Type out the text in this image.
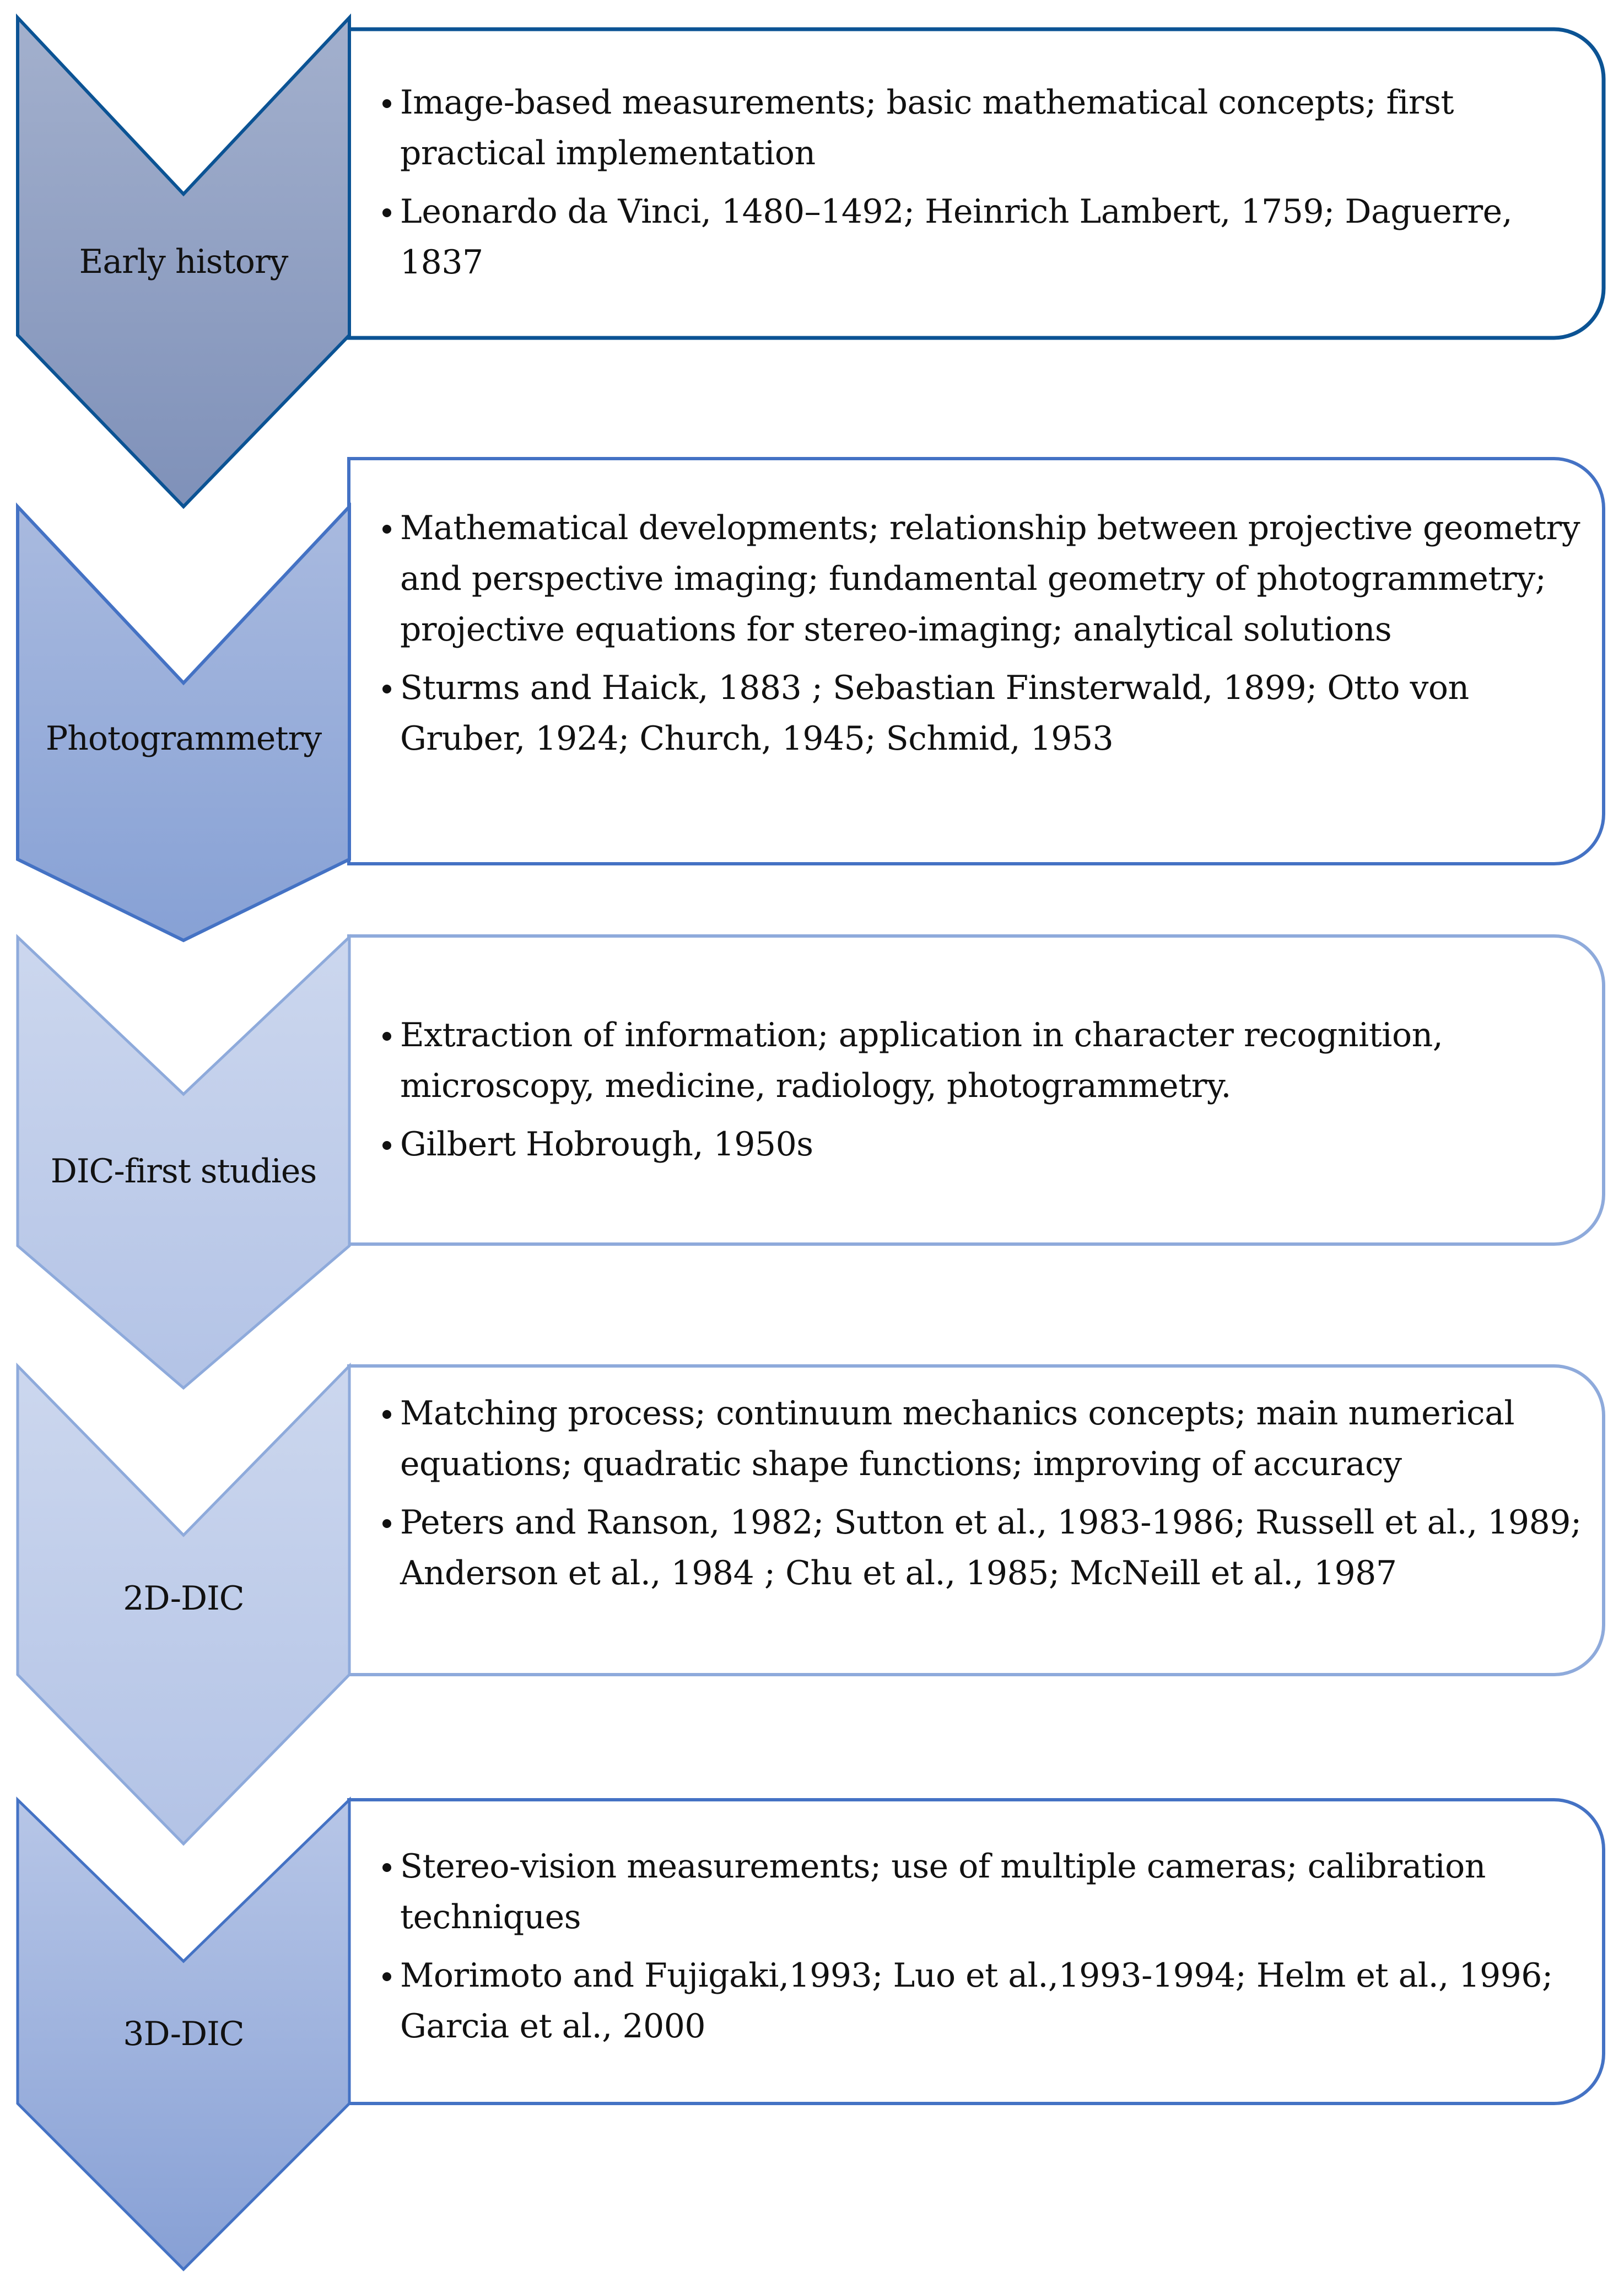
Early history
Photogrammetry
DIC-first studies
2D-DIC
3D-DIC
Image-based measurements; basic mathematical concepts; first practical implementation
Leonardo da Vinci, 1480–1492; Heinrich Lambert, 1759; Daguerre, 1837
Mathematical developments; relationship between projective geometry and perspective imaging; fundamental geometry of photogrammetry; projective equations for stereo-imaging; analytical solutions
Sturms and Haick, 1883 ; Sebastian Finsterwald, 1899; Otto von Gruber, 1924; Church, 1945; Schmid, 1953
Extraction of information; application in character recognition, microscopy, medicine, radiology, photogrammetry.
Gilbert Hobrough, 1950s
Matching process; continuum mechanics concepts; main numerical equations; quadratic shape functions; improving of accuracy
Peters and Ranson, 1982; Sutton et al., 1983-1986; Russell et al., 1989; Anderson et al., 1984 ; Chu et al., 1985; McNeill et al., 1987
Stereo-vision measurements; use of multiple cameras; calibration techniques
Morimoto and Fujigaki,1993; Luo et al.,1993-1994; Helm et al., 1996; Garcia et al., 2000
